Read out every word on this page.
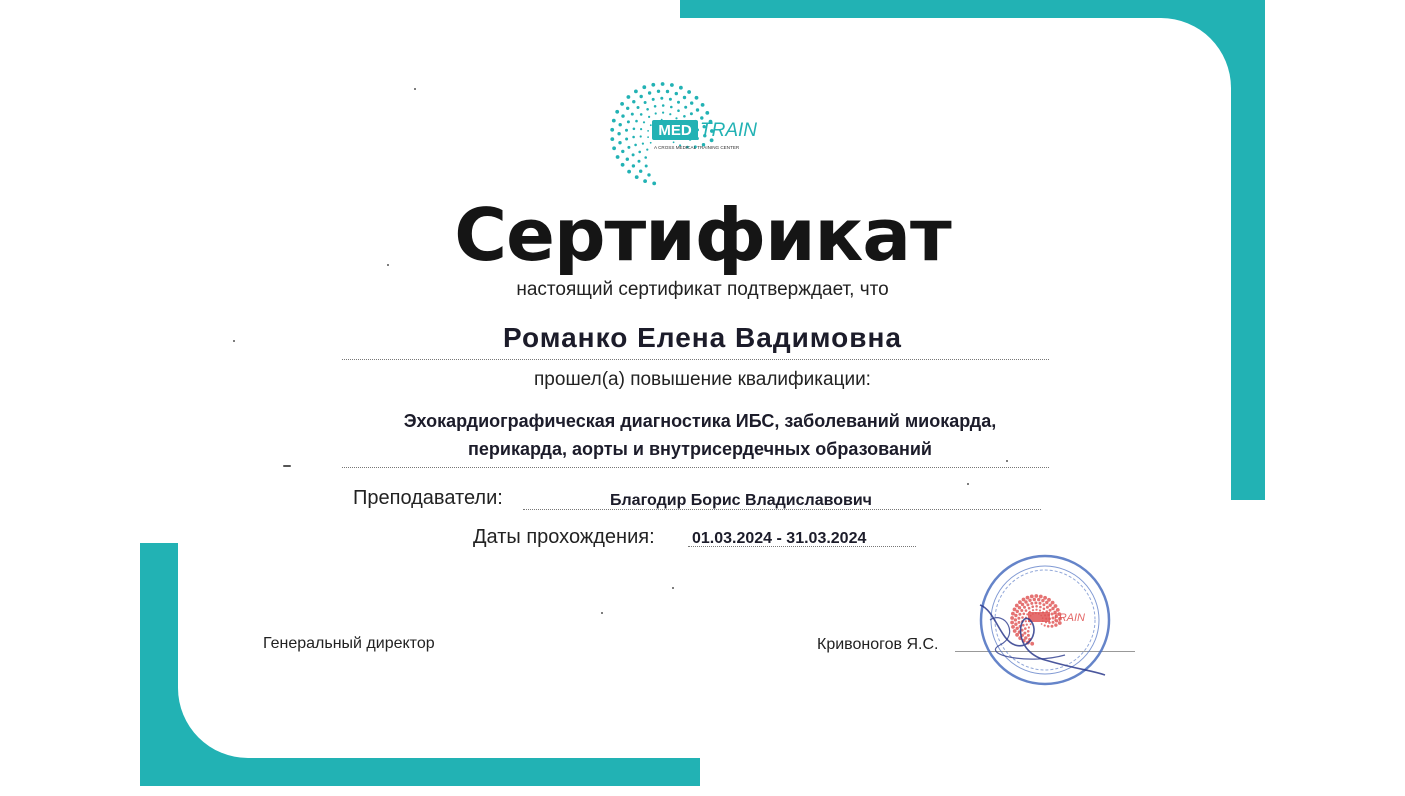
MED TRAIN
A CROSS MEDICAL TRAINING CENTER
Сертификат
настоящий сертификат подтверждает, что
Романко Елена Вадимовна
прошел(а) повышение квалификации:
Эхокардиографическая диагностика ИБС, заболеваний миокарда,
перикарда, аорты и внутрисердечных образований
Преподаватели:	Благодир Борис Владиславович
Даты прохождения: 01.03.2024 - 31.03.2024
Генеральный директор	Кривоногов Я.С.
TRAIN
